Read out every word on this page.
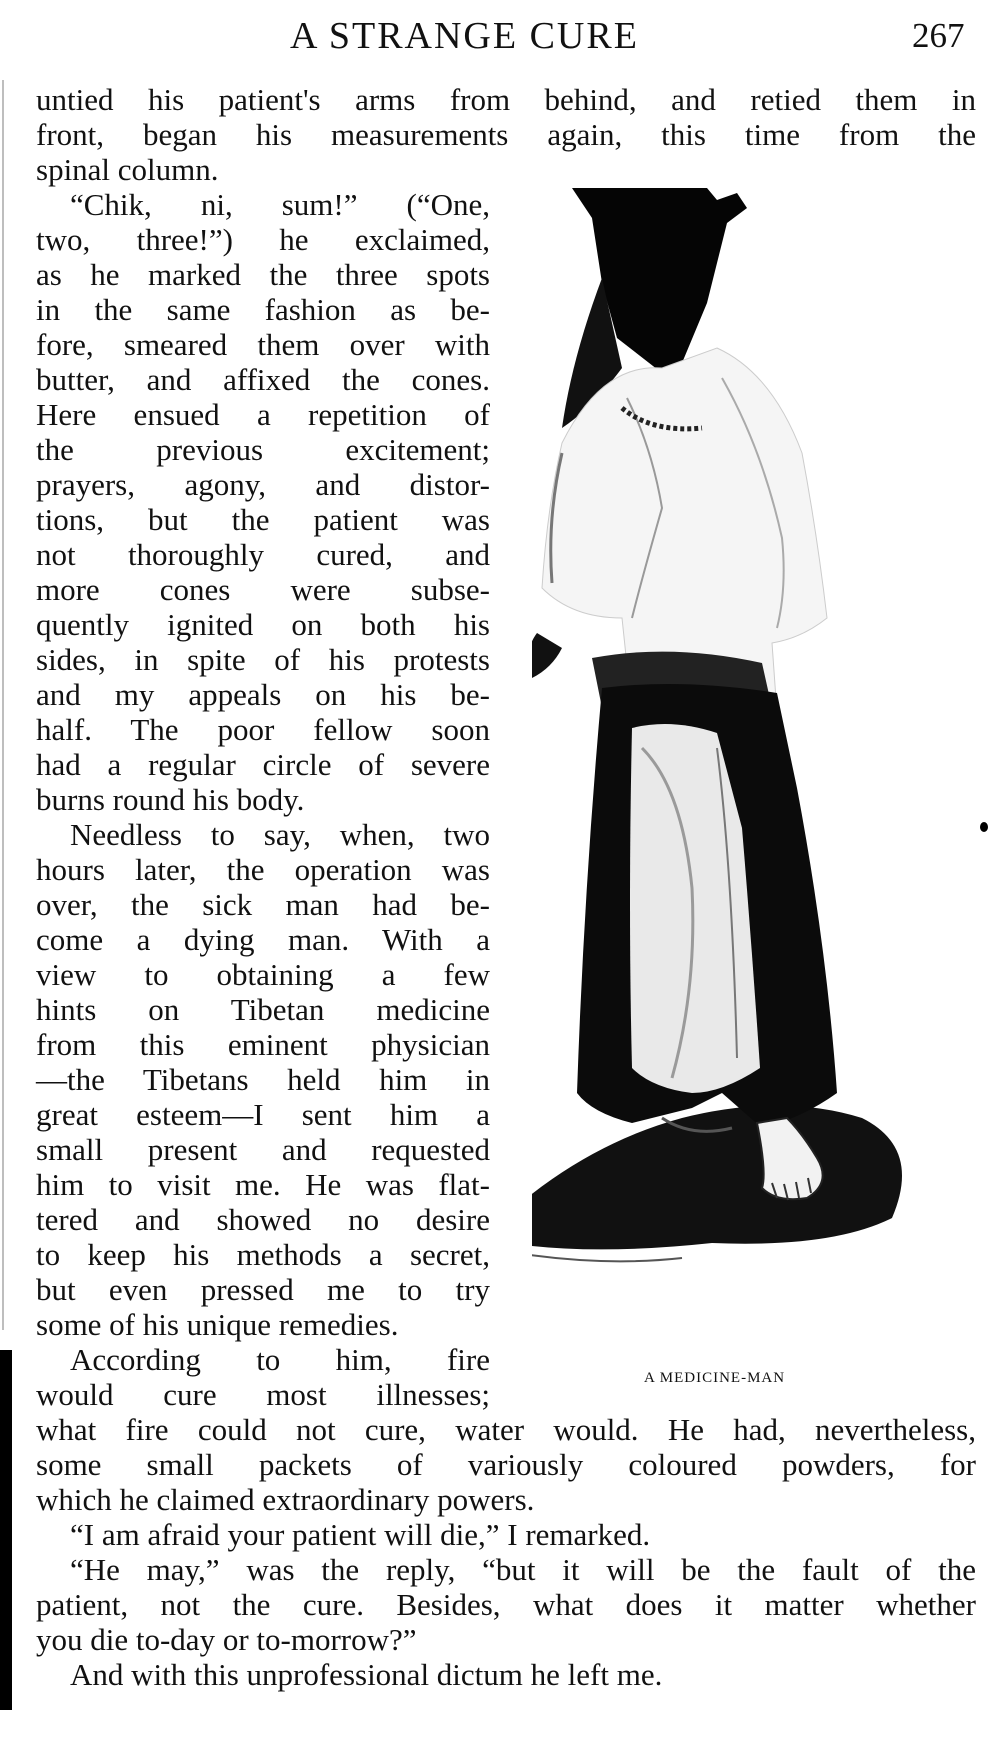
A STRANGE CURE	267
A MEDICINE-MAN
untied his patient's arms from behind, and retied them in
front, began his measurements again, this time from the
spinal column.
“Chik, ni, sum!” (“One,
two, three!”) he exclaimed,
as he marked the three spots
in the same fashion as be-
fore, smeared them over with
butter, and affixed the cones.
Here ensued a repetition of
the previous excitement;
prayers, agony, and distor-
tions, but the patient was
not thoroughly cured, and
more cones were subse-
quently ignited on both his
sides, in spite of his protests
and my appeals on his be-
half. The poor fellow soon
had a regular circle of severe
burns round his body.
Needless to say, when, two
hours later, the operation was
over, the sick man had be-
come a dying man. With a
view to obtaining a few
hints on Tibetan medicine
from this eminent physician
—the Tibetans held him in
great esteem—I sent him a
small present and requested
him to visit me. He was flat-
tered and showed no desire
to keep his methods a secret,
but even pressed me to try
some of his unique remedies.
According to him, fire
would cure most illnesses;
what fire could not cure, water would. He had, nevertheless,
some small packets of variously coloured powders, for
which he claimed extraordinary powers.
“I am afraid your patient will die,” I remarked.
“He may,” was the reply, “but it will be the fault of the
patient, not the cure. Besides, what does it matter whether
you die to-day or to-morrow?”
And with this unprofessional dictum he left me.
